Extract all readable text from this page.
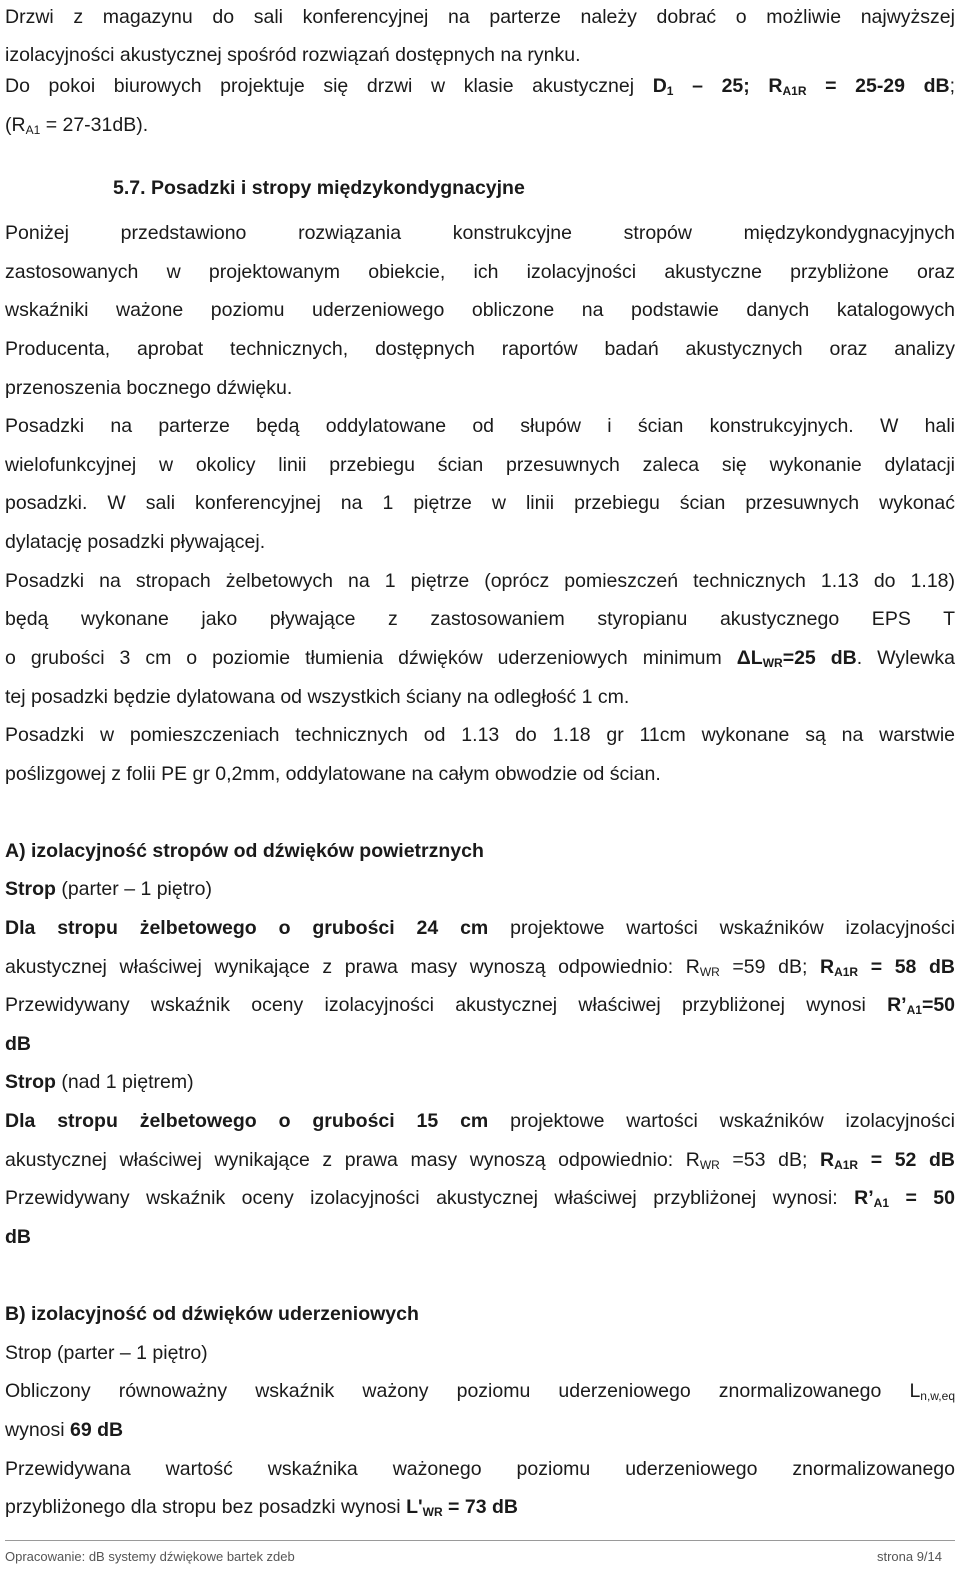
Drzwi z magazynu do sali konferencyjnej na parterze należy dobrać o możliwie najwyższej
izolacyjności akustycznej spośród rozwiązań dostępnych na rynku.
Do pokoi biurowych projektuje się drzwi w klasie akustycznej $D_1 - 25$; $R_{A1R} = 25-29$ dB;
$(R_{A1} = 27-31dB)$.
5.7. Posadzki i stropy międzykondygnacyjne
Poniżej przedstawiono rozwiązania konstrukcyjne stropów międzykondygnacyjnych
zastosowanych w projektowanym obiekcie, ich izolacyjności akustyczne przybliżone oraz
wskaźniki ważone poziomu uderzeniowego obliczone na podstawie danych katalogowych
Producenta, aprobat technicznych, dostępnych raportów badań akustycznych oraz analizy
przenoszenia bocznego dźwięku.
Posadzki na parterze będą oddylatowane od słupów i ścian konstrukcyjnych. W hali
wielofunkcyjnej w okolicy linii przebiegu ścian przesuwnych zaleca się wykonanie dylatacji
posadzki. W sali konferencyjnej na 1 piętrze w linii przebiegu ścian przesuwnych wykonać
dylatację posadzki pływającej.
Posadzki na stropach żelbetowych na 1 piętrze (oprócz pomieszczeń technicznych 1.13 do 1.18)
będą wykonane jako pływające z zastosowaniem styropianu akustycznego EPS T
o grubości 3 cm o poziomie tłumienia dźwięków uderzeniowych minimum $\Delta L_{WR}=25$ dB. Wylewka
tej posadzki będzie dylatowana od wszystkich ściany na odległość 1 cm.
Posadzki w pomieszczeniach technicznych od 1.13 do 1.18 gr 11cm wykonane są na warstwie
poślizgowej z folii PE gr 0,2mm, oddylatowane na całym obwodzie od ścian.
A) izolacyjność stropów od dźwięków powietrznych
Strop (parter – 1 piętro)
Dla stropu żelbetowego o grubości 24 cm projektowe wartości wskaźników izolacyjności
akustycznej właściwej wynikające z prawa masy wynoszą odpowiednio: $R_{WR} =59$ dB; $R_{A1R} = 58$ dB
Przewidywany wskaźnik oceny izolacyjności akustycznej właściwej przybliżonej wynosi $R’_{A1}=50$
dB
Strop (nad 1 piętrem)
Dla stropu żelbetowego o grubości 15 cm projektowe wartości wskaźników izolacyjności
akustycznej właściwej wynikające z prawa masy wynoszą odpowiednio: $R_{WR} =53$ dB; $R_{A1R} = 52$ dB
Przewidywany wskaźnik oceny izolacyjności akustycznej właściwej przybliżonej wynosi: $R’_{A1} = 50$
dB
B) izolacyjność od dźwięków uderzeniowych
Strop (parter – 1 piętro)
Obliczony równoważny wskaźnik ważony poziomu uderzeniowego znormalizowanego $L_{n,w,eq}$
wynosi 69 dB
Przewidywana wartość wskaźnika ważonego poziomu uderzeniowego znormalizowanego
przybliżonego dla stropu bez posadzki wynosi $L'_{WR} = 73$ dB
Opracowanie: dB systemy dźwiękowe bartek zdeb	strona 9/14
